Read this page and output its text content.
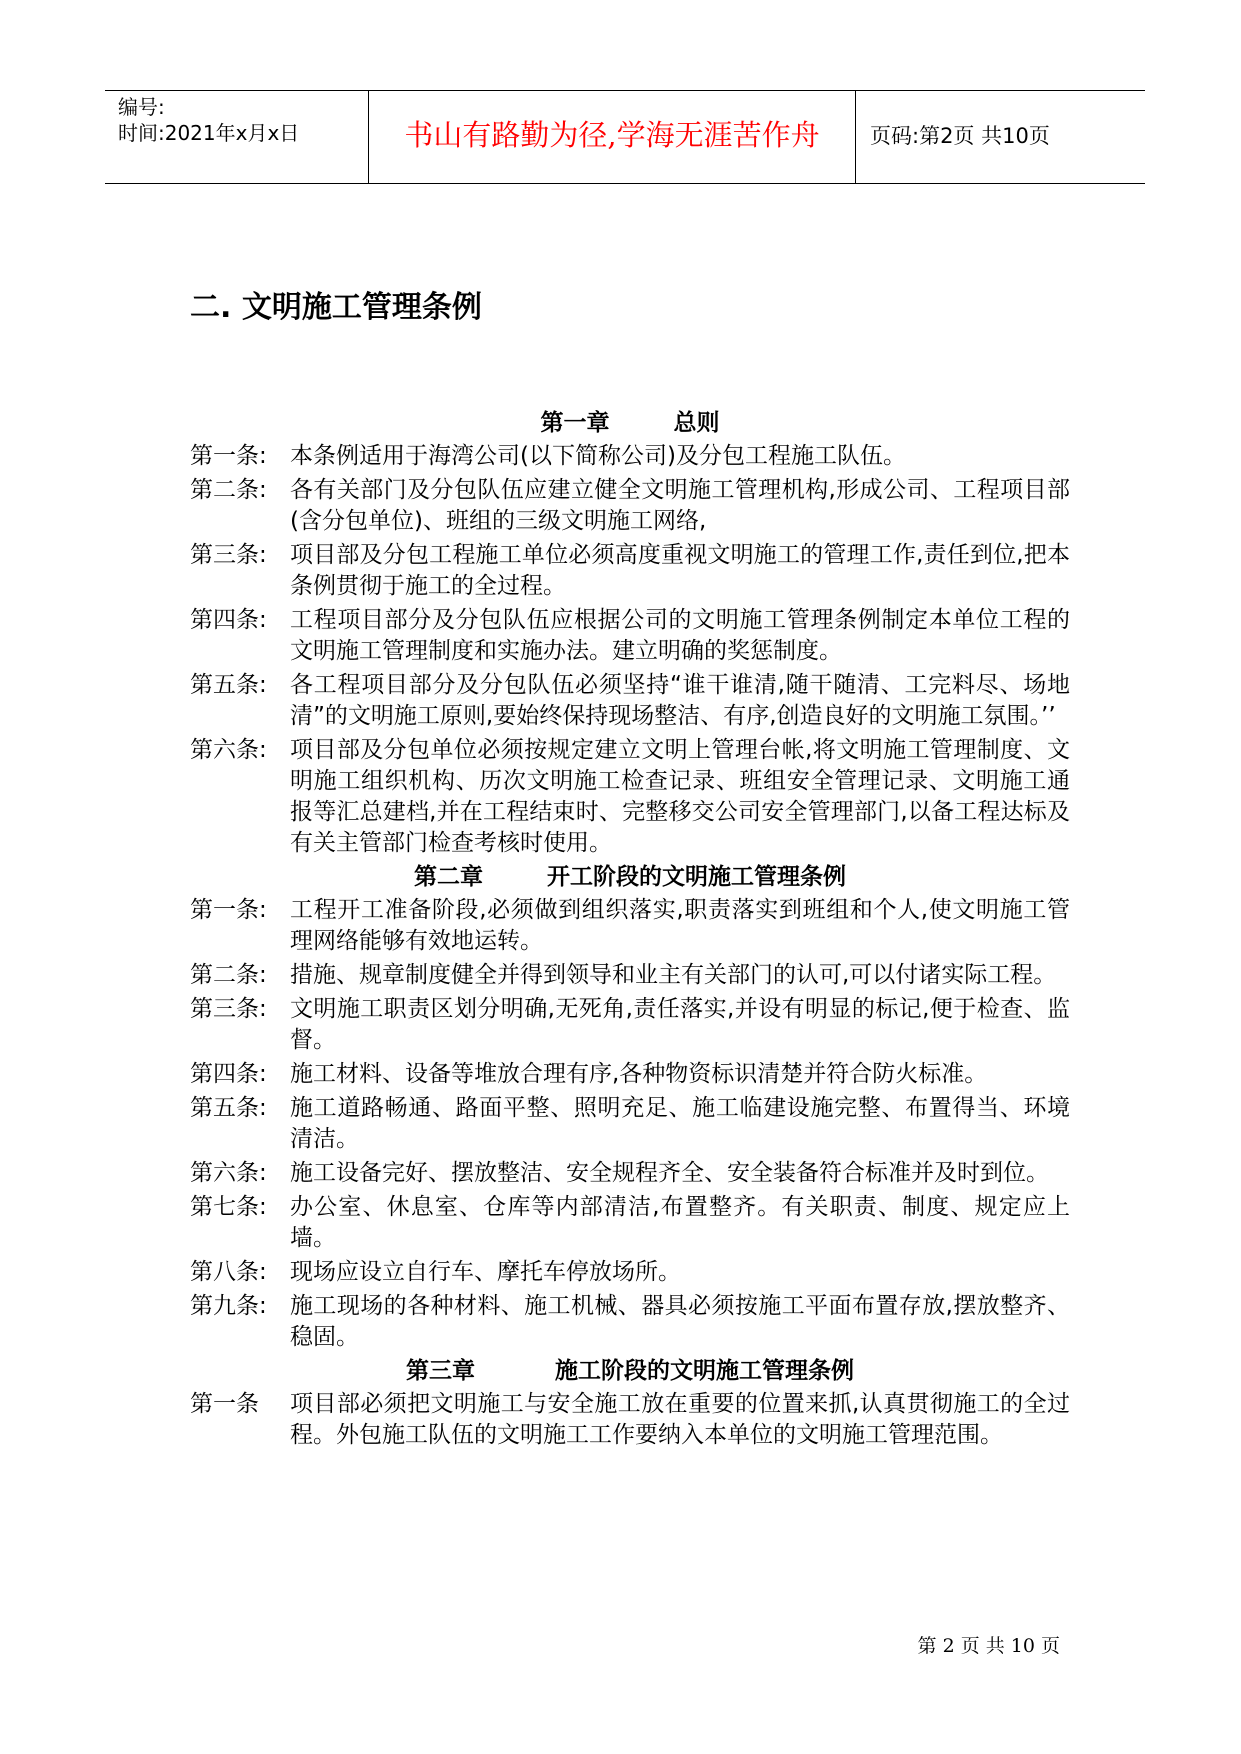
编号:
时间:2021年x月x日	书山有路勤为径,学海无涯苦作舟	页码:第2页 共10页
二. 文明施工管理条例
第一章        总则
第一条:	本条例适用于海湾公司(以下简称公司)及分包工程施工队伍。
第二条:	各有关部门及分包队伍应建立健全文明施工管理机构,形成公司、工程项目部(含分包单位)、班组的三级文明施工网络,
第三条:	项目部及分包工程施工单位必须高度重视文明施工的管理工作,责任到位,把本条例贯彻于施工的全过程。
第四条:	工程项目部分及分包队伍应根据公司的文明施工管理条例制定本单位工程的文明施工管理制度和实施办法。建立明确的奖惩制度。
第五条:	各工程项目部分及分包队伍必须坚持“谁干谁清,随干随清、工完料尽、场地清”的文明施工原则,要始终保持现场整洁、有序,创造良好的文明施工氛围。’’
第六条:	项目部及分包单位必须按规定建立文明上管理台帐,将文明施工管理制度、文明施工组织机构、历次文明施工检查记录、班组安全管理记录、文明施工通报等汇总建档,并在工程结束时、完整移交公司安全管理部门,以备工程达标及有关主管部门检查考核时使用。
第二章        开工阶段的文明施工管理条例
第一条:	工程开工准备阶段,必须做到组织落实,职责落实到班组和个人,使文明施工管理网络能够有效地运转。
第二条:	措施、规章制度健全并得到领导和业主有关部门的认可,可以付诸实际工程。
第三条:	文明施工职责区划分明确,无死角,责任落实,并设有明显的标记,便于检查、监督。
第四条:	施工材料、设备等堆放合理有序,各种物资标识清楚并符合防火标准。
第五条:	施工道路畅通、路面平整、照明充足、施工临建设施完整、布置得当、环境清洁。
第六条:	施工设备完好、摆放整洁、安全规程齐全、安全装备符合标准并及时到位。
第七条:	办公室、休息室、仓库等内部清洁,布置整齐。有关职责、制度、规定应上墙。
第八条:	现场应设立自行车、摩托车停放场所。
第九条:	施工现场的各种材料、施工机械、器具必须按施工平面布置存放,摆放整齐、稳固。
第三章          施工阶段的文明施工管理条例
第一条	项目部必须把文明施工与安全施工放在重要的位置来抓,认真贯彻施工的全过程。外包施工队伍的文明施工工作要纳入本单位的文明施工管理范围。
第 2 页 共 10 页
